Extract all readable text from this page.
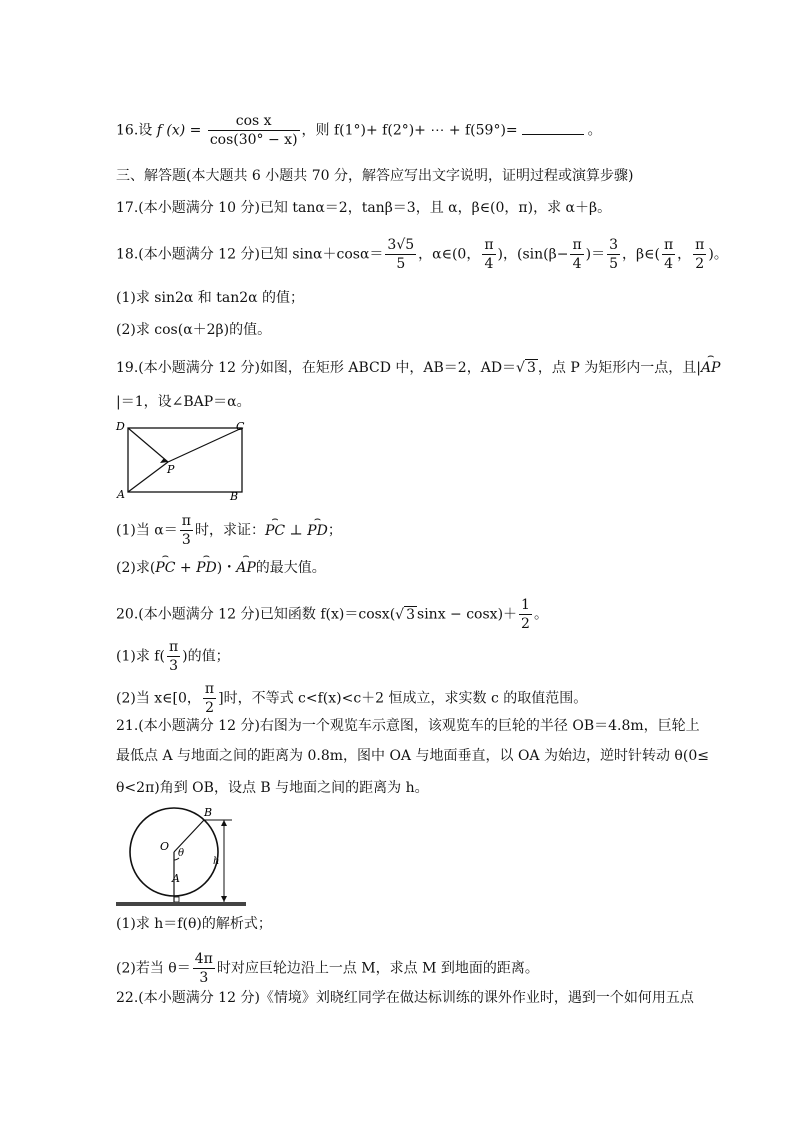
16.设 f $(x) = \frac{\text{cos x}}{\cos(30^\circ - x)}$ ，则 f(1°)+ f(2°)+ ⋯ + f(59°)=	。
三、解答题(本大题共 6 小题共 70 分，解答应写出文字说明，证明过程或演算步骤)
17.(本小题满分 10 分)已知 tanα＝2，tanβ＝3，且 α，β∈(0，π)，求 α＋β。
18.(本小题满分 12 分)已知 $\sin\alpha+\cos\alpha= \frac{3√5}{5}$ ，α∈(0， $\frac{\pi}{4}$ )，($\sin(\beta- \frac{\pi}{4}$ )＝ $\frac{3}{5}$ ，β∈( $\frac{\pi}{4}$ ， $\frac{\pi}{2}$ )。
(1)求 sin2α 和 tan2α 的值；
(2)求 cos(α＋2β)的值。
19.(本小题满分 12 分)如图，在矩形 ABCD 中，AB＝2，AD＝√ 3 ，点 P 为矩形内一点，且|⌢ AP
|＝1，设∠BAP＝α。
D	C
A	B
P
(1)当 $\alpha= \frac{\pi}{3}$ 时，求证：⌢ PC ⊥ ⌢ PD；
(2)求(⌢ PC + ⌢ PD)・⌢ AP的最大值。
20.(本小题满分 12 分)已知函数 f(x)＝cosx(√ 3 $\sin x - \cos x)+ \frac{1}{2}$ 。
(1)求 $f( \frac{\pi}{3}$ )的值；
(2)当 x∈[0， $\frac{\pi}{2}$ ]时，不等式 c<f(x)<c＋2 恒成立，求实数 c 的取值范围。
21.(本小题满分 12 分)右图为一个观览车示意图，该观览车的巨轮的半径 OB＝4.8m，巨轮上
最低点 A 与地面之间的距离为 0.8m，图中 OA 与地面垂直，以 OA 为始边，逆时针转动 θ(0≤
θ<2π)角到 OB，设点 B 与地面之间的距离为 h。
O
θ
B
A
h
(1)求 h＝f(θ)的解析式；
(2)若当 $\theta= \frac{4\pi}{3}$ 时对应巨轮边沿上一点 M，求点 M 到地面的距离。
22.(本小题满分 12 分)《情境》刘晓红同学在做达标训练的课外作业时，遇到一个如何用五点
